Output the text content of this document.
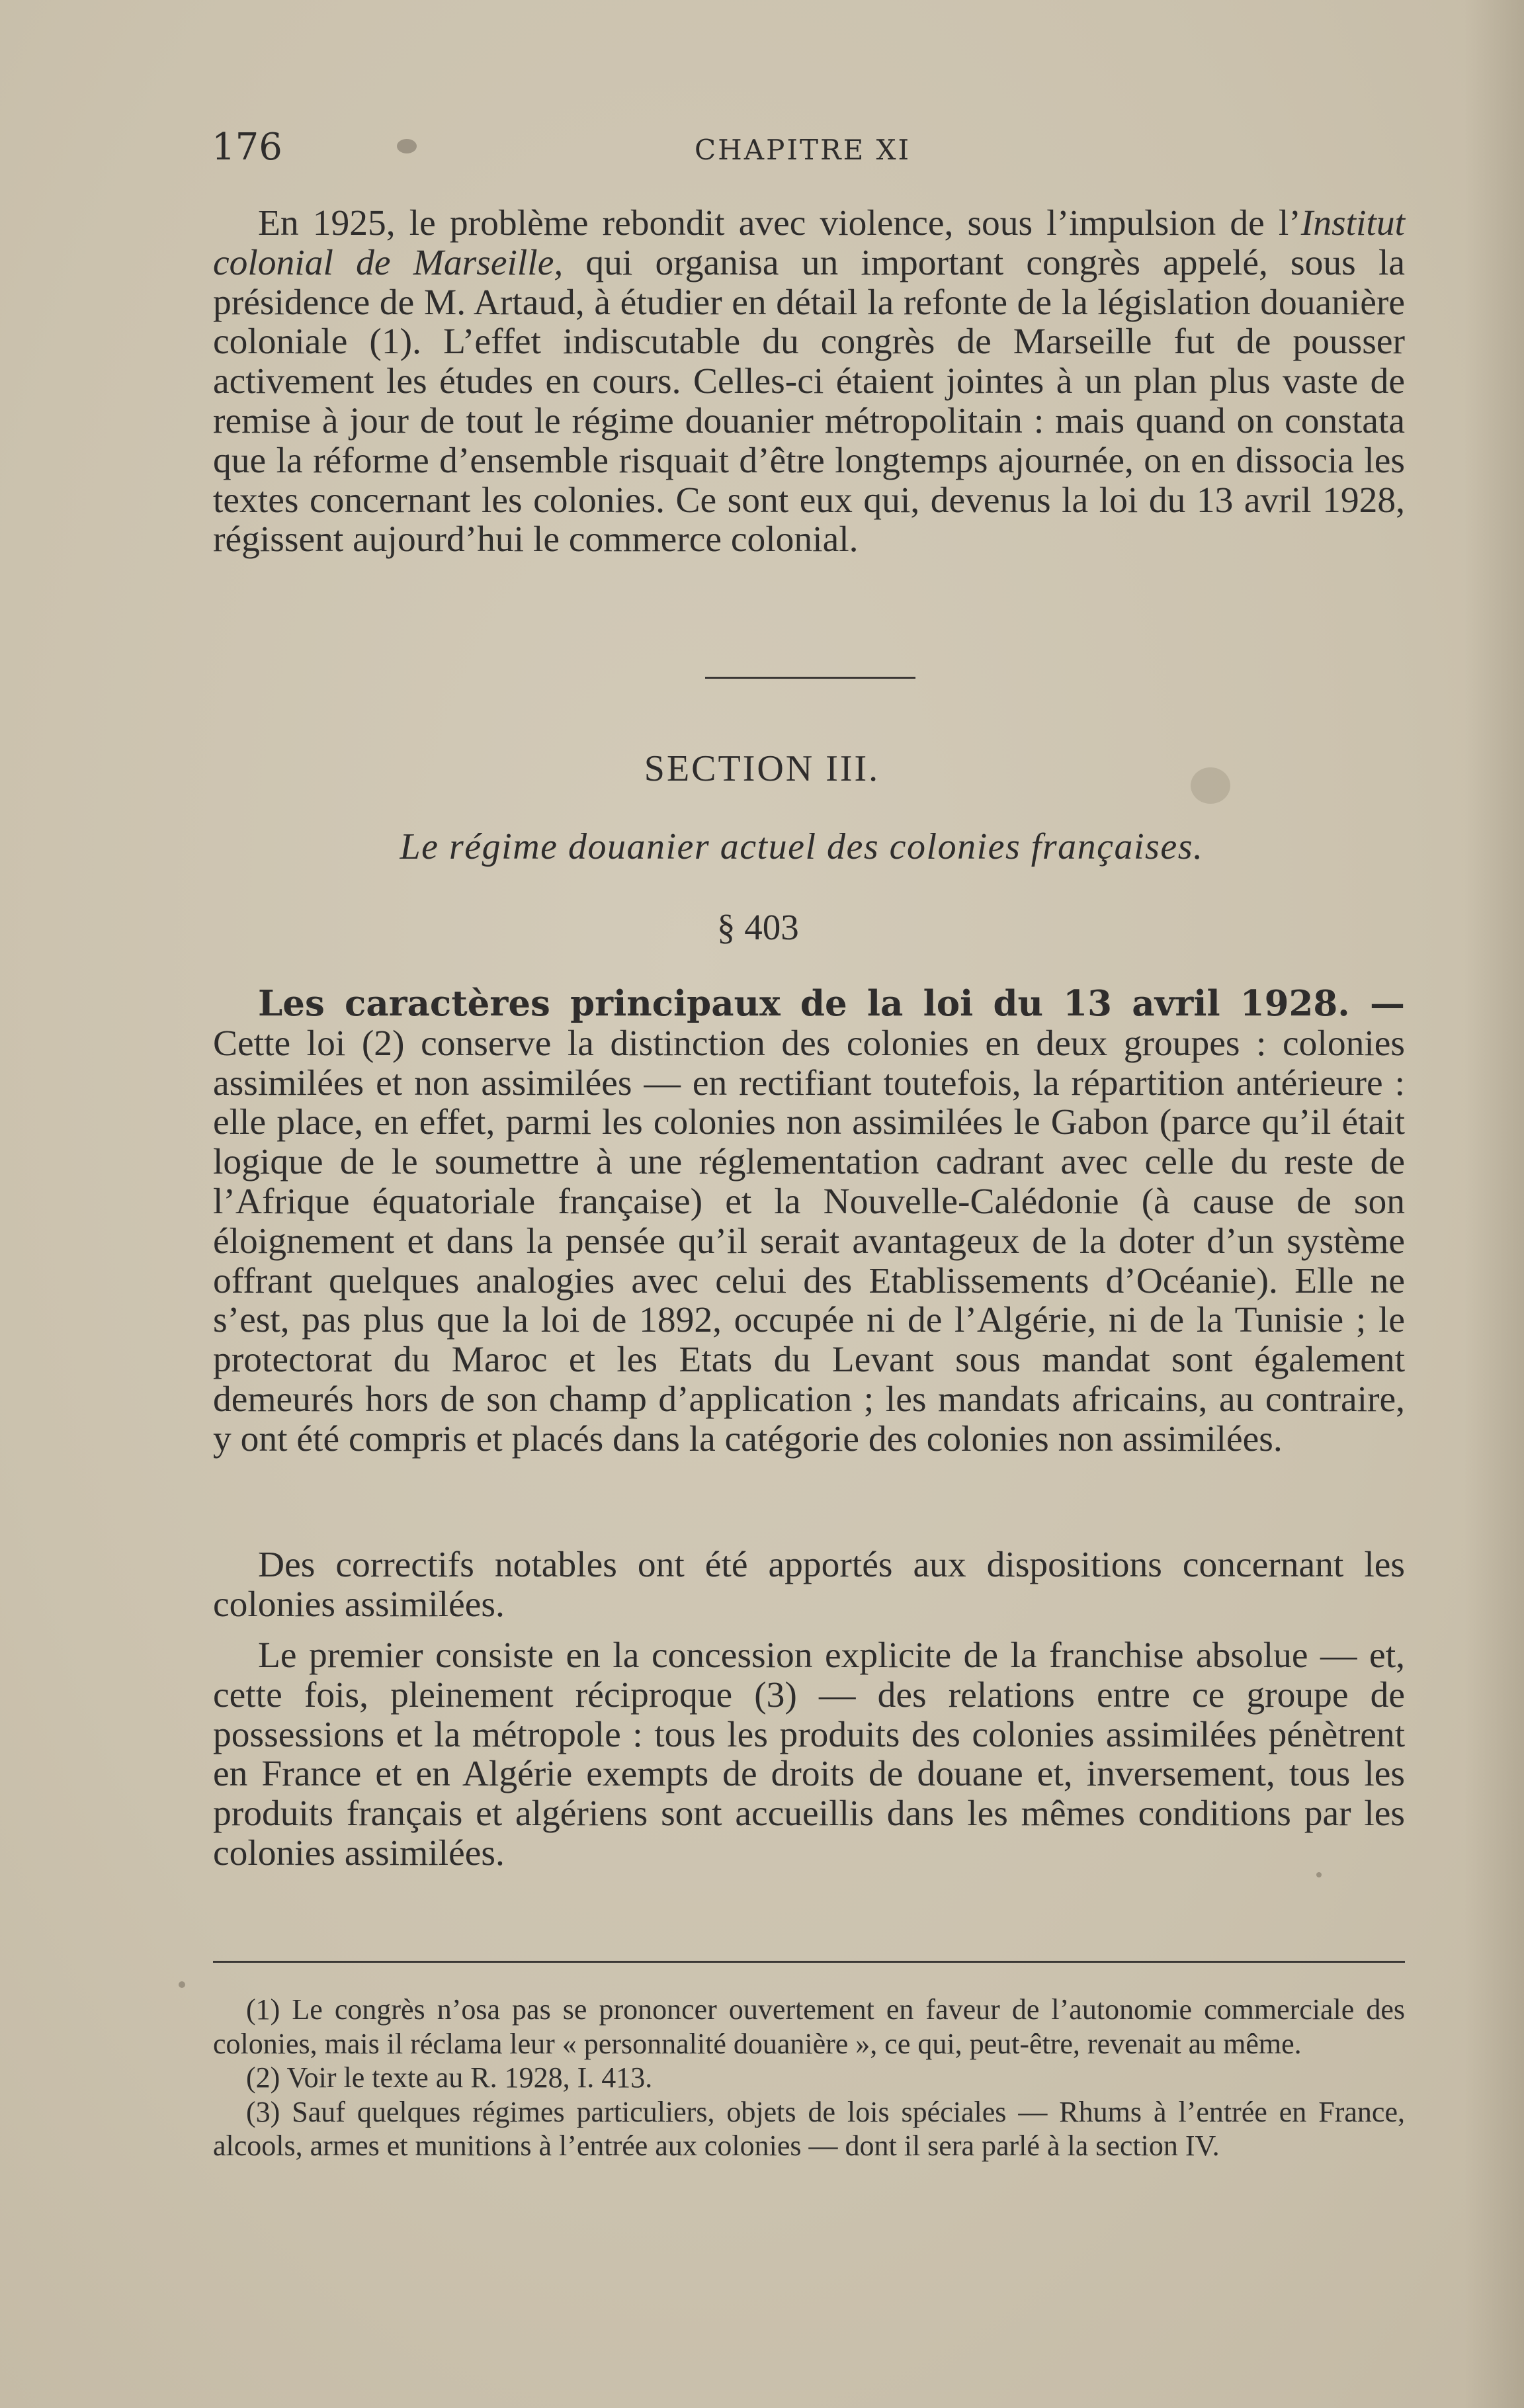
176	CHAPITRE XI

En 1925, le problème rebondit avec violence, sous l’impulsion de l’Institut colonial de Marseille, qui organisa un important congrès appelé, sous la présidence de M. Artaud, à étudier en détail la refonte de la législation douanière coloniale (1). L’effet indiscutable du congrès de Marseille fut de pousser activement les études en cours. Celles-ci étaient jointes à un plan plus vaste de remise à jour de tout le régime douanier métropolitain : mais quand on constata que la réforme d’ensemble risquait d’être longtemps ajournée, on en dissocia les textes concernant les colonies. Ce sont eux qui, devenus la loi du 13 avril 1928, régissent aujourd’hui le commerce colonial.

SECTION III.
Le régime douanier actuel des colonies françaises.
§ 403

Les caractères principaux de la loi du 13 avril 1928. — Cette loi (2) conserve la distinction des colonies en deux groupes : colonies assimilées et non assimilées — en rectifiant toutefois, la répartition antérieure : elle place, en effet, parmi les colonies non assimilées le Gabon (parce qu’il était logique de le soumettre à une réglementation cadrant avec celle du reste de l’Afrique équatoriale française) et la Nouvelle-Calédonie (à cause de son éloignement et dans la pensée qu’il serait avantageux de la doter d’un système offrant quelques analogies avec celui des Etablissements d’Océanie). Elle ne s’est, pas plus que la loi de 1892, occupée ni de l’Algérie, ni de la Tunisie ; le protectorat du Maroc et les Etats du Levant sous mandat sont également demeurés hors de son champ d’application ; les mandats africains, au contraire, y ont été compris et placés dans la catégorie des colonies non assimilées.

Des correctifs notables ont été apportés aux dispositions concernant les colonies assimilées.

Le premier consiste en la concession explicite de la franchise absolue — et, cette fois, pleinement réciproque (3) — des relations entre ce groupe de possessions et la métropole : tous les produits des colonies assimilées pénètrent en France et en Algérie exempts de droits de douane et, inversement, tous les produits français et algériens sont accueillis dans les mêmes conditions par les colonies assimilées.

(1) Le congrès n’osa pas se prononcer ouvertement en faveur de l’autonomie commerciale des colonies, mais il réclama leur « personnalité douanière », ce qui, peut-être, revenait au même.

(2) Voir le texte au R. 1928, I. 413.

(3) Sauf quelques régimes particuliers, objets de lois spéciales — Rhums à l’entrée en France, alcools, armes et munitions à l’entrée aux colonies — dont il sera parlé à la section IV.
